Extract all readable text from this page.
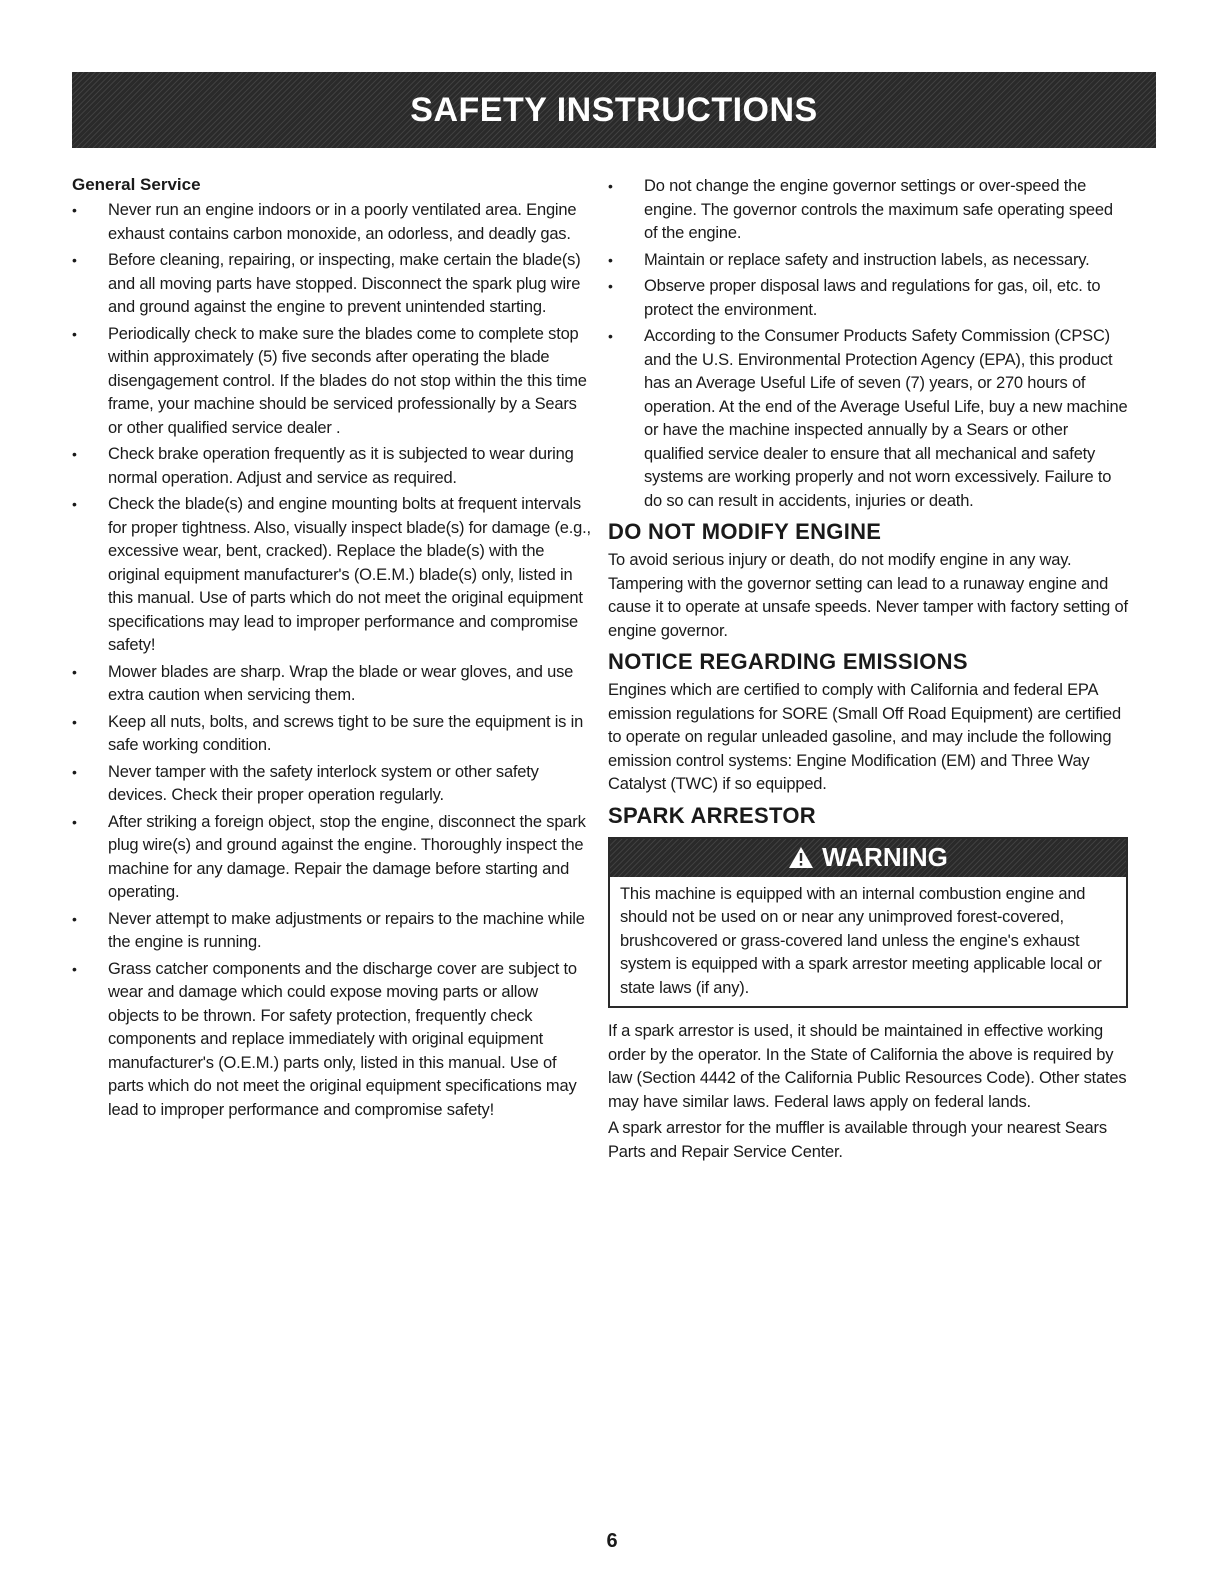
SAFETY INSTRUCTIONS
General Service
• Never run an engine indoors or in a poorly ventilated area. Engine exhaust contains carbon monoxide, an odorless, and deadly gas.
• Before cleaning, repairing, or inspecting, make certain the blade(s) and all moving parts have stopped. Disconnect the spark plug wire and ground against the engine to prevent unintended starting.
• Periodically check to make sure the blades come to complete stop within approximately (5) five seconds after operating the blade disengagement control. If the blades do not stop within the this time frame, your machine should be serviced professionally by a Sears or other qualified service dealer .
• Check brake operation frequently as it is subjected to wear during normal operation. Adjust and service as required.
• Check the blade(s) and engine mounting bolts at frequent intervals for proper tightness. Also, visually inspect blade(s) for damage (e.g., excessive wear, bent, cracked). Replace the blade(s) with the original equipment manufacturer's (O.E.M.) blade(s) only, listed in this manual. Use of parts which do not meet the original equipment specifications may lead to improper performance and compromise safety!
• Mower blades are sharp. Wrap the blade or wear gloves, and use extra caution when servicing them.
• Keep all nuts, bolts, and screws tight to be sure the equipment is in safe working condition.
• Never tamper with the safety interlock system or other safety devices. Check their proper operation regularly.
• After striking a foreign object, stop the engine, disconnect the spark plug wire(s) and ground against the engine. Thoroughly inspect the machine for any damage. Repair the damage before starting and operating.
• Never attempt to make adjustments or repairs to the machine while the engine is running.
• Grass catcher components and the discharge cover are subject to wear and damage which could expose moving parts or allow objects to be thrown. For safety protection, frequently check components and replace immediately with original equipment manufacturer's (O.E.M.) parts only, listed in this manual. Use of parts which do not meet the original equipment specifications may lead to improper performance and compromise safety!
• Do not change the engine governor settings or over-speed the engine. The governor controls the maximum safe operating speed of the engine.
• Maintain or replace safety and instruction labels, as necessary.
• Observe proper disposal laws and regulations for gas, oil, etc. to protect the environment.
• According to the Consumer Products Safety Commission (CPSC) and the U.S. Environmental Protection Agency (EPA), this product has an Average Useful Life of seven (7) years, or 270 hours of operation. At the end of the Average Useful Life, buy a new machine or have the machine inspected annually by a Sears or other qualified service dealer to ensure that all mechanical and safety systems are working properly and not worn excessively. Failure to do so can result in accidents, injuries or death.
DO NOT MODIFY ENGINE

To avoid serious injury or death, do not modify engine in any way. Tampering with the governor setting can lead to a runaway engine and cause it to operate at unsafe speeds. Never tamper with factory setting of engine governor.

NOTICE REGARDING EMISSIONS

Engines which are certified to comply with California and federal EPA emission regulations for SORE (Small Off Road Equipment) are certified to operate on regular unleaded gasoline, and may include the following emission control systems: Engine Modification (EM) and Three Way Catalyst (TWC) if so equipped.

SPARK ARRESTOR
WARNING
This machine is equipped with an internal combustion engine and should not be used on or near any unimproved forest-covered, brushcovered or grass-covered land unless the engine's exhaust system is equipped with a spark arrestor meeting applicable local or state laws (if any).

If a spark arrestor is used, it should be maintained in effective working order by the operator. In the State of California the above is required by law (Section 4442 of the California Public Resources Code). Other states may have similar laws. Federal laws apply on federal lands.

A spark arrestor for the muffler is available through your nearest Sears Parts and Repair Service Center.

6
